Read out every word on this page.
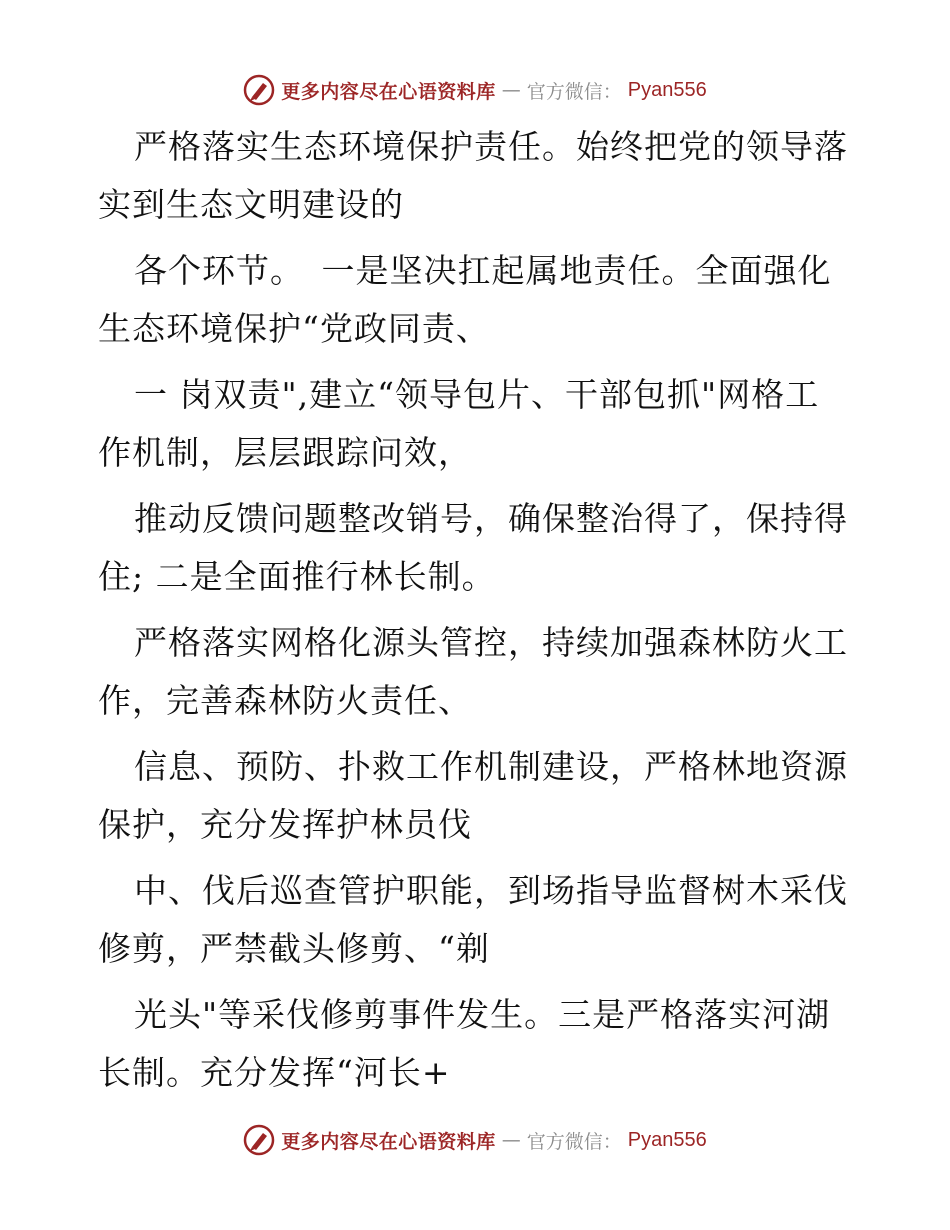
更多内容尽在心语资料库 — 官方微信： Pyan556
严格落实生态环境保护责任。始终把党的领导落
实到生态文明建设的
各个环节。　一是坚决扛起属地责任。全面强化
生态环境保护“党政同责、
一 岗双责",建立“领导包片、干部包抓"网格工
作机制，层层跟踪问效，
推动反馈问题整改销号，确保整治得了，保持得
住; 二是全面推行林长制。
严格落实网格化源头管控，持续加强森林防火工
作，完善森林防火责任、
信息、预防、扑救工作机制建设，严格林地资源
保护，充分发挥护林员伐
中、伐后巡查管护职能，到场指导监督树木采伐
修剪，严禁截头修剪、“剃
光头"等采伐修剪事件发生。三是严格落实河湖
长制。充分发挥“河长+
更多内容尽在心语资料库 — 官方微信： Pyan556
